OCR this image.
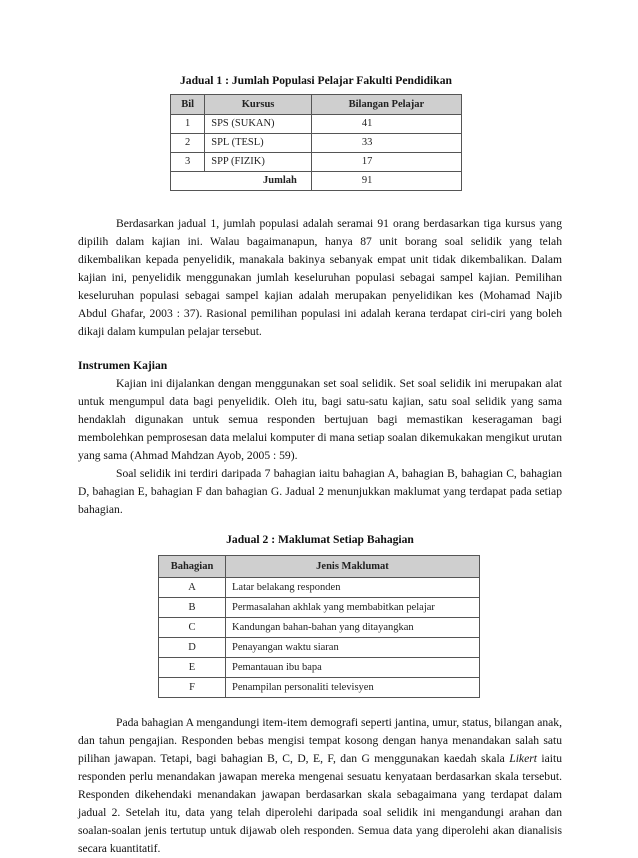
Jadual 1 : Jumlah Populasi Pelajar Fakulti Pendidikan
Bil	Kursus	Bilangan Pelajar
1	SPS (SUKAN)	41
2	SPL (TESL)	33
3	SPP (FIZIK)	17
Jumlah		91

Berdasarkan jadual 1, jumlah populasi adalah seramai 91 orang berdasarkan tiga kursus yang dipilih dalam kajian ini. Walau bagaimanapun, hanya 87 unit borang soal selidik yang telah dikembalikan kepada penyelidik, manakala bakinya sebanyak empat unit tidak dikembalikan. Dalam kajian ini, penyelidik menggunakan jumlah keseluruhan populasi sebagai sampel kajian. Pemilihan keseluruhan populasi sebagai sampel kajian adalah merupakan penyelidikan kes (Mohamad Najib Abdul Ghafar, 2003 : 37). Rasional pemilihan populasi ini adalah kerana terdapat ciri-ciri yang boleh dikaji dalam kumpulan pelajar tersebut.

Instrumen Kajian

Kajian ini dijalankan dengan menggunakan set soal selidik. Set soal selidik ini merupakan alat untuk mengumpul data bagi penyelidik. Oleh itu, bagi satu-satu kajian, satu soal selidik yang sama hendaklah digunakan untuk semua responden bertujuan bagi memastikan keseragaman bagi membolehkan pemprosesan data melalui komputer di mana setiap soalan dikemukakan mengikut urutan yang sama (Ahmad Mahdzan Ayob, 2005 : 59).

Soal selidik ini terdiri daripada 7 bahagian iaitu bahagian A, bahagian B, bahagian C, bahagian D, bahagian E, bahagian F dan bahagian G. Jadual 2 menunjukkan maklumat yang terdapat pada setiap bahagian.

Jadual 2 : Maklumat Setiap Bahagian
Bahagian	Jenis Maklumat
A	Latar belakang responden
B	Permasalahan akhlak yang membabitkan pelajar
C	Kandungan bahan-bahan yang ditayangkan
D	Penayangan waktu siaran
E	Pemantauan ibu bapa
F	Penampilan personaliti televisyen

Pada bahagian A mengandungi item-item demografi seperti jantina, umur, status, bilangan anak, dan tahun pengajian. Responden bebas mengisi tempat kosong dengan hanya menandakan salah satu pilihan jawapan. Tetapi, bagi bahagian B, C, D, E, F, dan G menggunakan kaedah skala Likert iaitu responden perlu menandakan jawapan mereka mengenai sesuatu kenyataan berdasarkan skala tersebut. Responden dikehendaki menandakan jawapan berdasarkan skala sebagaimana yang terdapat dalam jadual 2. Setelah itu, data yang telah diperolehi daripada soal selidik ini mengandungi arahan dan soalan-soalan jenis tertutup untuk dijawab oleh responden. Semua data yang diperolehi akan dianalisis secara kuantitatif.
